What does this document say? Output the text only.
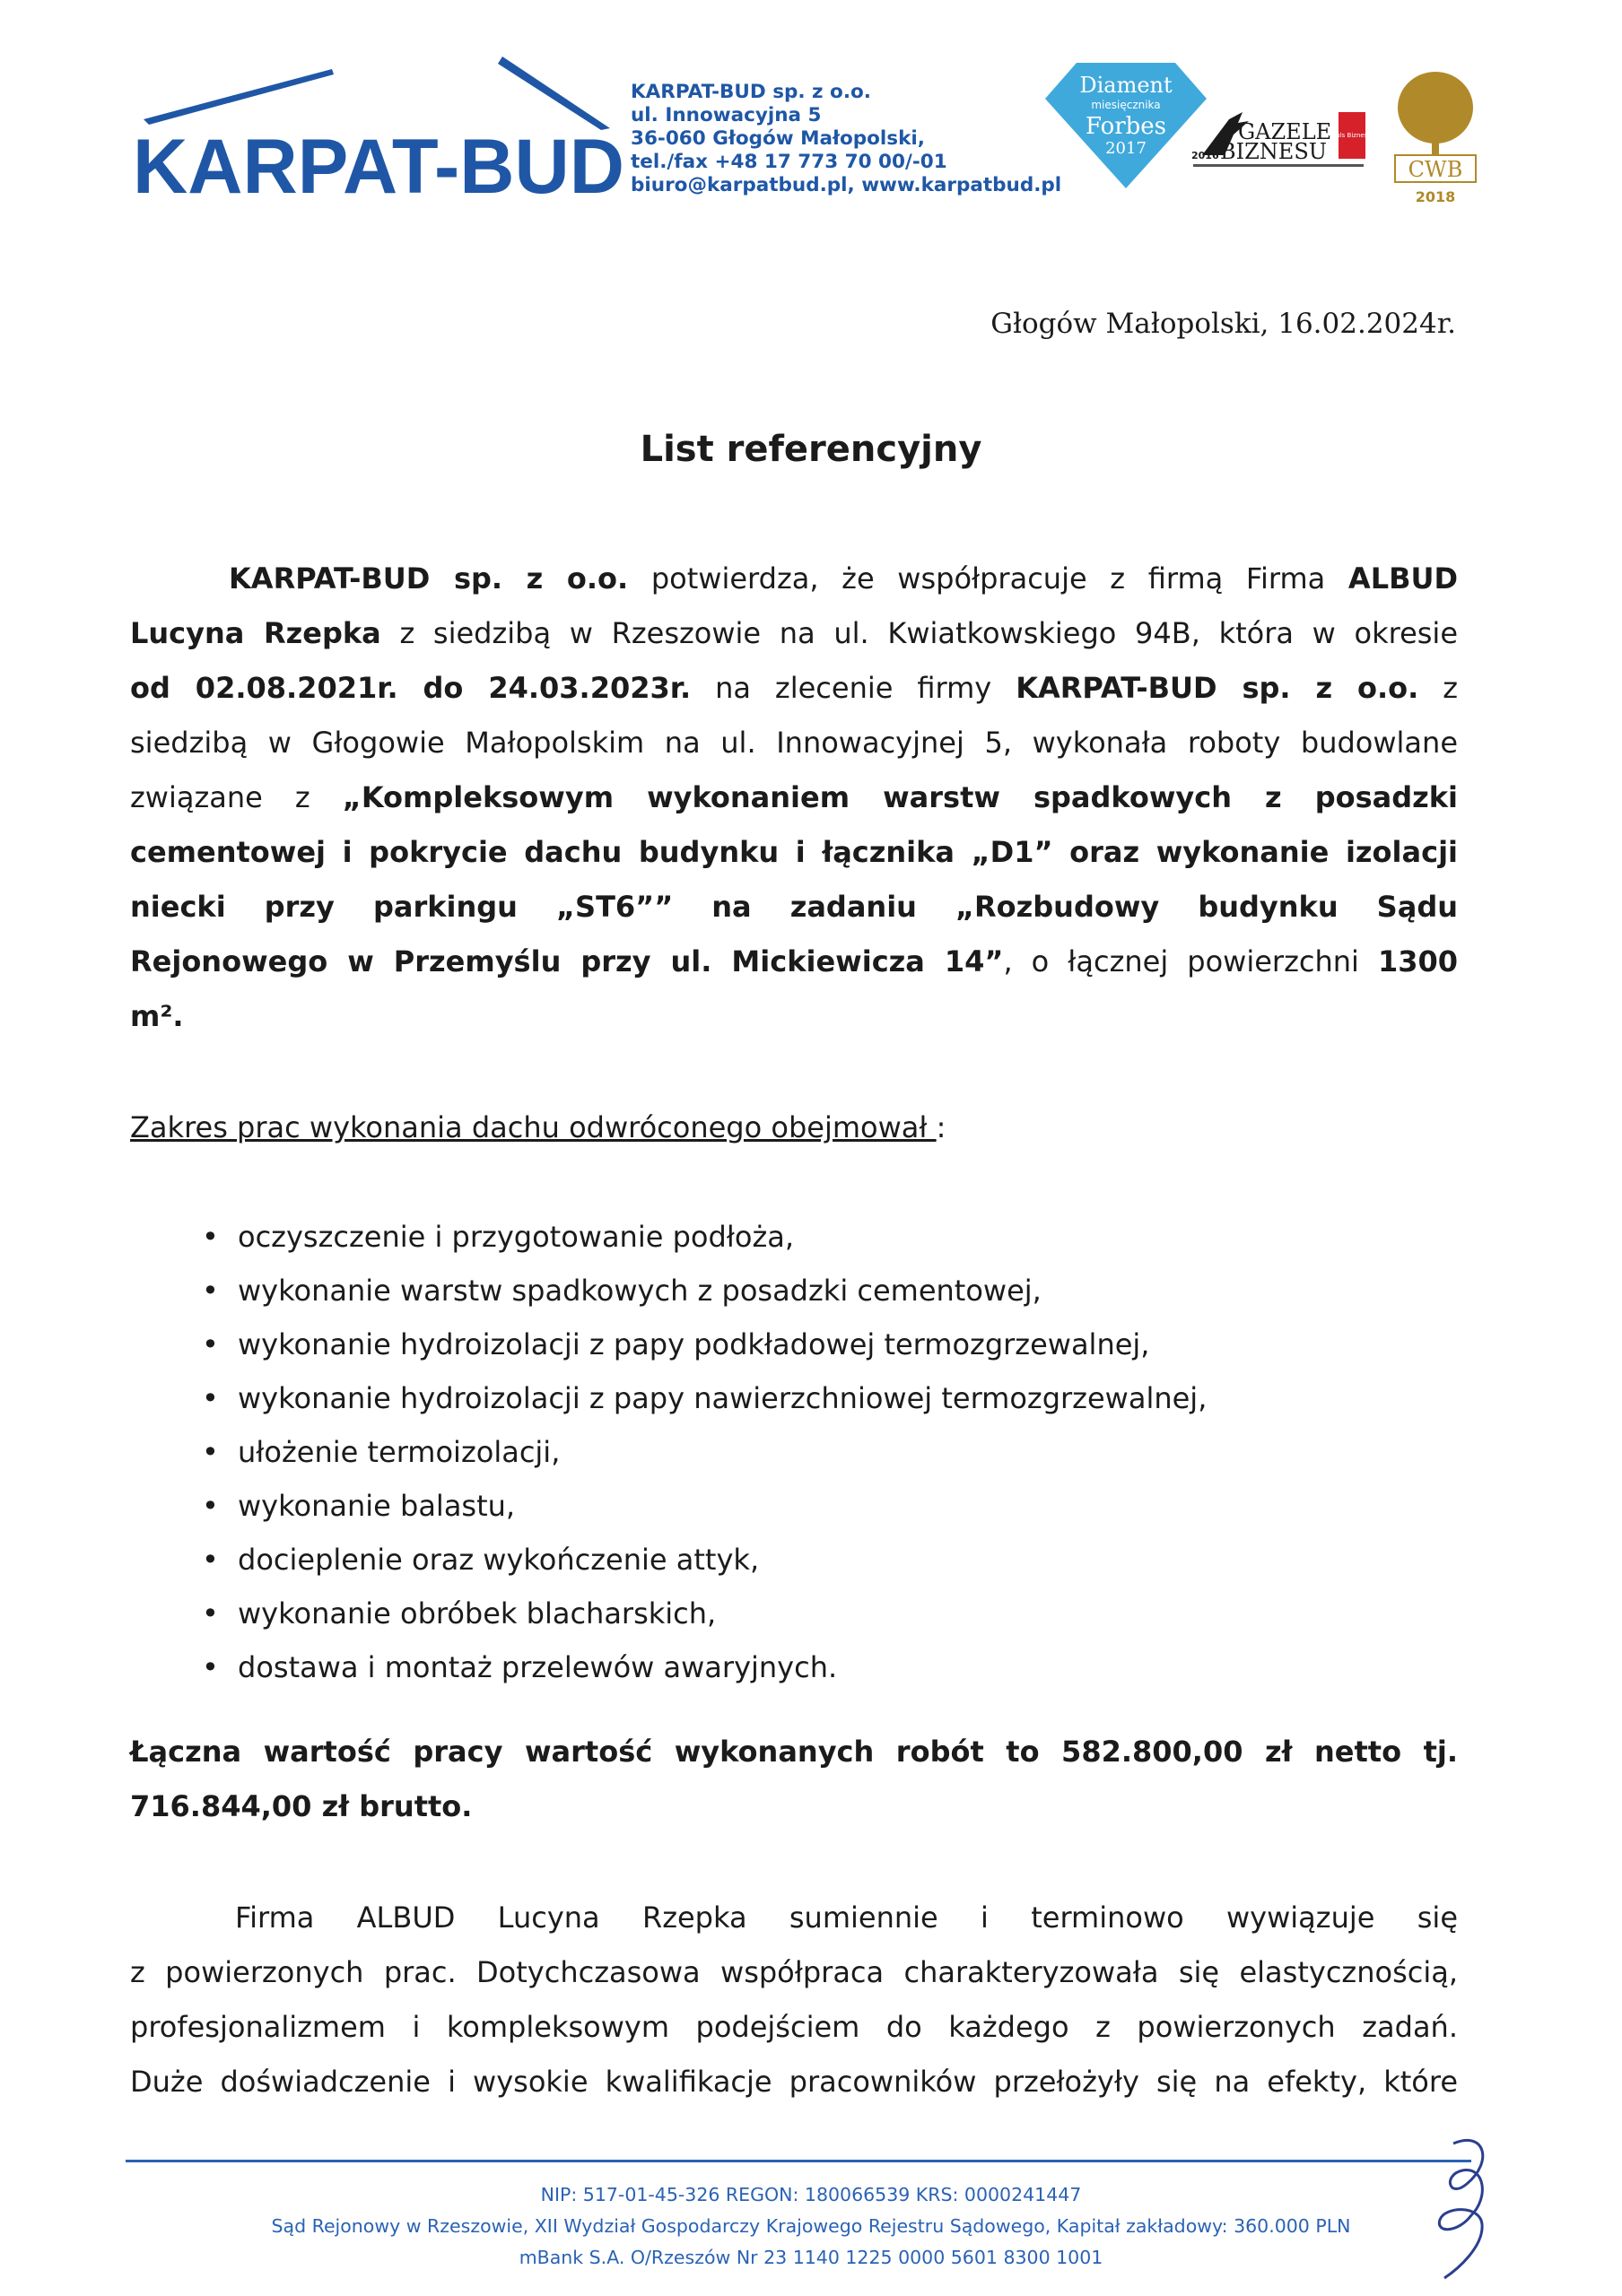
KARPAT-BUD
KARPAT-BUD sp. z o.o.
ul. Innowacyjna 5
36-060 Głogów Małopolski,
tel./fax +48 17 773 70 00/-01
biuro@karpatbud.pl, www.karpatbud.pl
Diament
miesięcznika
Forbes
2017
GAZELE
2016 BIZNESU
Puls Biznesu
CWB
2018
Głogów Małopolski, 16.02.2024r.
List referencyjny
KARPAT-BUD sp. z o.o. potwierdza, że współpracuje z firmą Firma ALBUD
Lucyna Rzepka z siedzibą w Rzeszowie na ul. Kwiatkowskiego 94B, która w okresie
od 02.08.2021r. do 24.03.2023r. na zlecenie firmy KARPAT-BUD sp. z o.o. z
siedzibą w Głogowie Małopolskim na ul. Innowacyjnej 5, wykonała roboty budowlane
związane z „Kompleksowym wykonaniem warstw spadkowych z posadzki
cementowej i pokrycie dachu budynku i łącznika „D1” oraz wykonanie izolacji
niecki przy parkingu „ST6”” na zadaniu „Rozbudowy budynku Sądu
Rejonowego w Przemyślu przy ul. Mickiewicza 14”, o łącznej powierzchni 1300
m².
Zakres prac wykonania dachu odwróconego obejmował :
• oczyszczenie i przygotowanie podłoża,
• wykonanie warstw spadkowych z posadzki cementowej,
• wykonanie hydroizolacji z papy podkładowej termozgrzewalnej,
• wykonanie hydroizolacji z papy nawierzchniowej termozgrzewalnej,
• ułożenie termoizolacji,
• wykonanie balastu,
• docieplenie oraz wykończenie attyk,
• wykonanie obróbek blacharskich,
• dostawa i montaż przelewów awaryjnych.
Łączna wartość pracy wartość wykonanych robót to 582.800,00 zł netto tj.
716.844,00 zł brutto.
Firma ALBUD Lucyna Rzepka sumiennie i terminowo wywiązuje się
z powierzonych prac. Dotychczasowa współpraca charakteryzowała się elastycznością,
profesjonalizmem i kompleksowym podejściem do każdego z powierzonych zadań.
Duże doświadczenie i wysokie kwalifikacje pracowników przełożyły się na efekty, które
NIP: 517-01-45-326 REGON: 180066539 KRS: 0000241447
Sąd Rejonowy w Rzeszowie, XII Wydział Gospodarczy Krajowego Rejestru Sądowego, Kapitał zakładowy: 360.000 PLN
mBank S.A. O/Rzeszów Nr 23 1140 1225 0000 5601 8300 1001
